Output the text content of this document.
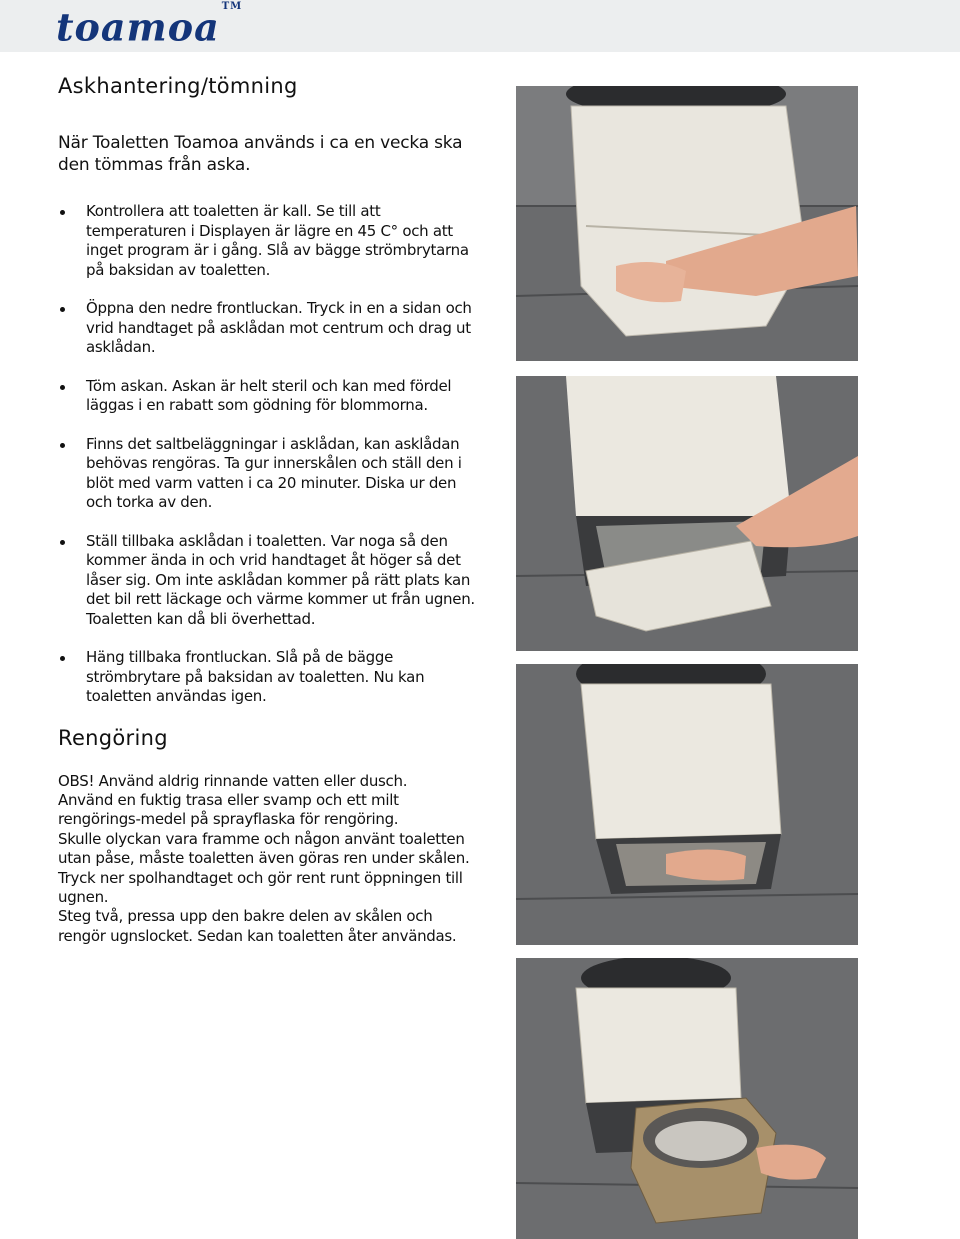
toamoa ™
Askhantering/tömning

När Toaletten Toamoa används i ca en vecka ska den tömmas från aska.

Kontrollera att toaletten är kall. Se till att temperaturen i Displayen är lägre en 45 C° och att inget program är i gång. Slå av bägge strömbrytarna på baksidan av toaletten.
Öppna den nedre frontluckan. Tryck in en a sidan och vrid handtaget på asklådan mot centrum och drag ut asklådan.
Töm askan. Askan är helt steril och kan med fördel läggas i en rabatt som gödning för blommorna.
Finns det saltbeläggningar i asklådan, kan asklådan behövas rengöras. Ta gur innerskålen och ställ den i blöt med varm vatten i ca 20 minuter. Diska ur den och torka av den.
Ställ tillbaka asklådan i toaletten. Var noga så den kommer ända in och vrid handtaget åt höger så det låser sig. Om inte asklådan kommer på rätt plats kan det bil rett läckage och värme kommer ut från ugnen. Toaletten kan då bli överhettad.
Häng tillbaka frontluckan. Slå på de bägge strömbrytare på baksidan av toaletten. Nu kan toaletten användas igen.
Rengöring

OBS! Använd aldrig rinnande vatten eller dusch.

Använd en fuktig trasa eller svamp och ett milt rengörings-medel på sprayflaska för rengöring.

Skulle olyckan vara framme och någon använt toaletten utan påse, måste toaletten även göras ren under skålen. Tryck ner spolhandtaget och gör rent runt öppningen till ugnen.

Steg två, pressa upp den bakre delen av skålen och rengör ugnslocket. Sedan kan toaletten åter användas.
